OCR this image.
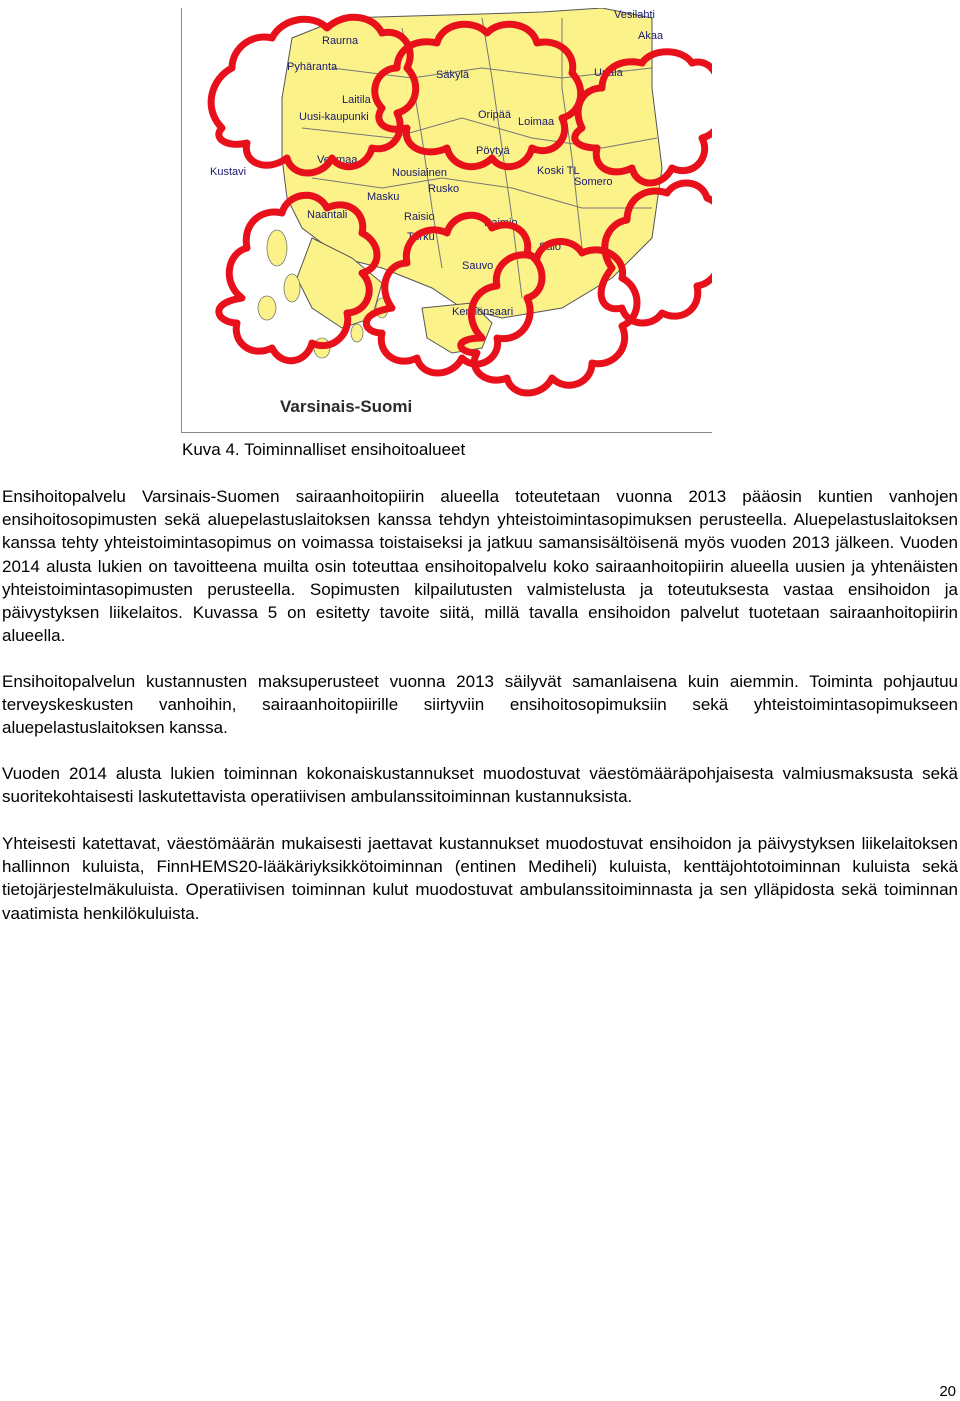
Raurna
Pyhäranta
Laitila
Uusi-kaupunki
Vehmaa
Kustavi
Naantali
Masku
Nousiainen
Raisio
Turku
Rusko
Pöytyä
Oripää
Loimaa
Säkylä
Vesilahti
Akaa
Urjala
Koski TL
Somero
Salo
Sauvo
Kemiönsaari
Paimio
Varsinais-Suomi
Kuva 4. Toiminnalliset ensihoitoalueet

Ensihoitopalvelu Varsinais-Suomen sairaanhoitopiirin alueella toteutetaan vuonna 2013 pääosin kuntien vanhojen ensihoitosopimusten sekä aluepelastuslaitoksen kanssa tehdyn yhteistoimintasopimuksen perusteella. Aluepelastuslaitoksen kanssa tehty yhteistoimintasopimus on voimassa toistaiseksi ja jatkuu samansisältöisenä myös vuoden 2013 jälkeen. Vuoden 2014 alusta lukien on tavoitteena muilta osin toteuttaa ensihoitopalvelu koko sairaanhoitopiirin alueella uusien ja yhtenäisten yhteistoimintasopimusten perusteella. Sopimusten kilpailutusten valmistelusta ja toteutuksesta vastaa ensihoidon ja päivystyksen liikelaitos. Kuvassa 5 on esitetty tavoite siitä, millä tavalla ensihoidon palvelut tuotetaan sairaanhoitopiirin alueella.

Ensihoitopalvelun kustannusten maksuperusteet vuonna 2013 säilyvät samanlaisena kuin aiemmin. Toiminta pohjautuu terveyskeskusten vanhoihin, sairaanhoitopiirille siirtyviin ensihoitosopimuksiin sekä yhteistoimintasopimukseen aluepelastuslaitoksen kanssa.

Vuoden 2014 alusta lukien toiminnan kokonaiskustannukset muodostuvat väestömääräpohjaisesta valmiusmaksusta sekä suoritekohtaisesti laskutettavista operatiivisen ambulanssitoiminnan kustannuksista.

Yhteisesti katettavat, väestömäärän mukaisesti jaettavat kustannukset muodostuvat ensihoidon ja päivystyksen liikelaitoksen hallinnon kuluista, FinnHEMS20-lääkäriyksikkötoiminnan (entinen Mediheli) kuluista, kenttäjohtotoiminnan kuluista sekä tietojärjestelmäkuluista. Operatiivisen toiminnan kulut muodostuvat ambulanssitoiminnasta ja sen ylläpidosta sekä toiminnan vaatimista henkilökuluista.

20
